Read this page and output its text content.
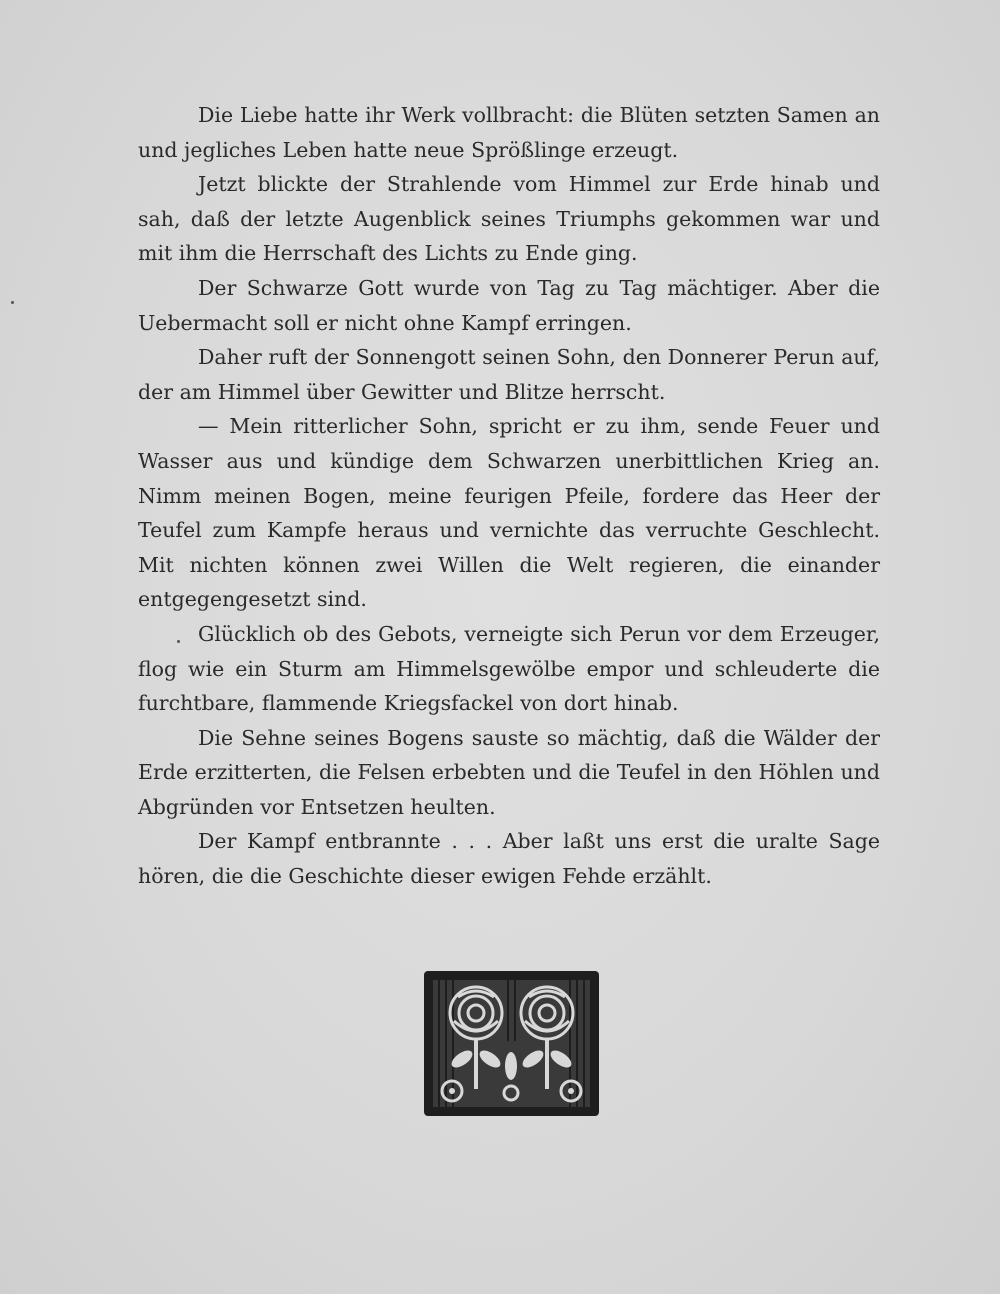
Die Liebe hatte ihr Werk vollbracht: die Blüten setzten Samen an und jegliches Leben hatte neue Sprößlinge erzeugt.

Jetzt blickte der Strahlende vom Himmel zur Erde hinab und sah, daß der letzte Augenblick seines Triumphs gekommen war und mit ihm die Herrschaft des Lichts zu Ende ging.

Der Schwarze Gott wurde von Tag zu Tag mächtiger. Aber die Uebermacht soll er nicht ohne Kampf erringen.

Daher ruft der Sonnengott seinen Sohn, den Donnerer Perun auf, der am Himmel über Gewitter und Blitze herrscht.

— Mein ritterlicher Sohn, spricht er zu ihm, sende Feuer und Wasser aus und kündige dem Schwarzen unerbittlichen Krieg an. Nimm meinen Bogen, meine feurigen Pfeile, fordere das Heer der Teufel zum Kampfe heraus und vernichte das verruchte Geschlecht. Mit nichten können zwei Willen die Welt regieren, die einander entgegengesetzt sind.

Glücklich ob des Gebots, verneigte sich Perun vor dem Erzeuger, flog wie ein Sturm am Himmelsgewölbe empor und schleuderte die furchtbare, flammende Kriegsfackel von dort hinab.

Die Sehne seines Bogens sauste so mächtig, daß die Wälder der Erde erzitterten, die Felsen erbebten und die Teufel in den Höhlen und Abgründen vor Entsetzen heulten.

Der Kampf entbrannte . . . Aber laßt uns erst die uralte Sage hören, die die Geschichte dieser ewigen Fehde erzählt.
